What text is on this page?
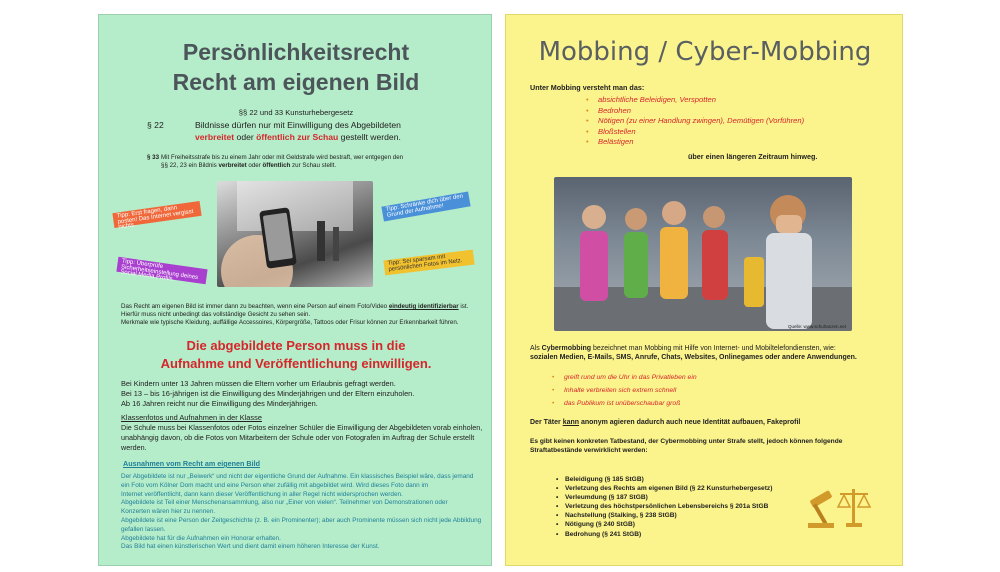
Persönlichkeitsrecht
Recht am eigenen Bild
§§ 22 und 33 Kunsturhebergesetz
§ 22	Bildnisse dürfen nur mit Einwilligung des Abgebildeten
verbreitet oder öffentlich zur Schau gestellt werden.
§ 33 Mit Freiheitsstrafe bis zu einem Jahr oder mit Geldstrafe wird bestraft, wer entgegen den
§§ 22, 23 ein Bildnis verbreitet oder öffentlich zur Schau stellt.
Tipp: Erst fragen, dann posten! Das Internet vergisst nichts.
Tipp: Schränke dich über den Grund der Aufnahme!
Tipp: Überprüfe Sicherheitseinstellung deines Social Media Profils.
Tipp: Sei sparsam mit persönlichen Fotos im Netz.
Das Recht am eigenen Bild ist immer dann zu beachten, wenn eine Person auf einem Foto/Video eindeutig identifizierbar ist.
Hierfür muss nicht unbedingt das vollständige Gesicht zu sehen sein.
Merkmale wie typische Kleidung, auffällige Accessoires, Körpergröße, Tattoos oder Frisur können zur Erkennbarkeit führen.
Die abgebildete Person muss in die
Aufnahme und Veröffentlichung einwilligen.
Bei Kindern unter 13 Jahren müssen die Eltern vorher um Erlaubnis gefragt werden.
Bei 13 – bis 16-jährigen ist die Einwilligung des Minderjährigen und der Eltern einzuholen.
Ab 16 Jahren reicht nur die Einwilligung des Minderjährigen.
Klassenfotos und Aufnahmen in der Klasse
Die Schule muss bei Klassenfotos oder Fotos einzelner Schüler die Einwilligung der Abgebildeten vorab einholen,
unabhängig davon, ob die Fotos von Mitarbeitern der Schule oder von Fotografen im Auftrag der Schule erstellt
werden.
Ausnahmen vom Recht am eigenen Bild
Der Abgebildete ist nur „Beiwerk“ und nicht der eigentliche Grund der Aufnahme. Ein klassisches Beispiel wäre, dass jemand
ein Foto vom Kölner Dom macht und eine Person eher zufällig mit abgebildet wird. Wird dieses Foto dann im
Internet veröffentlicht, dann kann dieser Veröffentlichung in aller Regel nicht widersprochen werden.
Abgebildete ist Teil einer Menschenansammlung, also nur „Einer von vielen“. Teilnehmer von Demonstrationen oder
Konzerten wären hier zu nennen.
Abgebildete ist eine Person der Zeitgeschichte (z. B. ein Prominenter); aber auch Prominente müssen sich nicht jede Abbildung
gefallen lassen.
Abgebildete hat für die Aufnahmen ein Honorar erhalten.
Das Bild hat einen künstlerischen Wert und dient damit einem höheren Interesse der Kunst.
Mobbing / Cyber-Mobbing
Unter Mobbing versteht man das:
• absichtliche Beleidigen, Verspotten
• Bedrohen
• Nötigen (zu einer Handlung zwingen), Demütigen (Vorführen)
• Bloßstellen
• Belästigen
über einen längeren Zeitraum hinweg.
Quelle: www.schulranzen.net
Als Cybermobbing bezeichnet man Mobbing mit Hilfe von Internet- und Mobiltelefondiensten, wie:
sozialen Medien, E-Mails, SMS, Anrufe, Chats, Websites, Onlinegames oder andere Anwendungen.
• greift rund um die Uhr in das Privatleben ein
• Inhalte verbreiten sich extrem schnell
• das Publikum ist unüberschaubar groß
Der Täter kann anonym agieren dadurch auch neue Identität aufbauen, Fakeprofil
Es gibt keinen konkreten Tatbestand, der Cybermobbing unter Strafe stellt, jedoch können folgende
Straftatbestände verwirklicht werden:
• Beleidigung (§ 185 StGB)
• Verletzung des Rechts am eigenen Bild (§ 22 Kunsturhebergesetz)
• Verleumdung (§ 187 StGB)
• Verletzung des höchstpersönlichen Lebensbereichs § 201a StGB
• Nachstellung (Stalking, § 238 StGB)
• Nötigung (§ 240 StGB)
• Bedrohung (§ 241 StGB)
